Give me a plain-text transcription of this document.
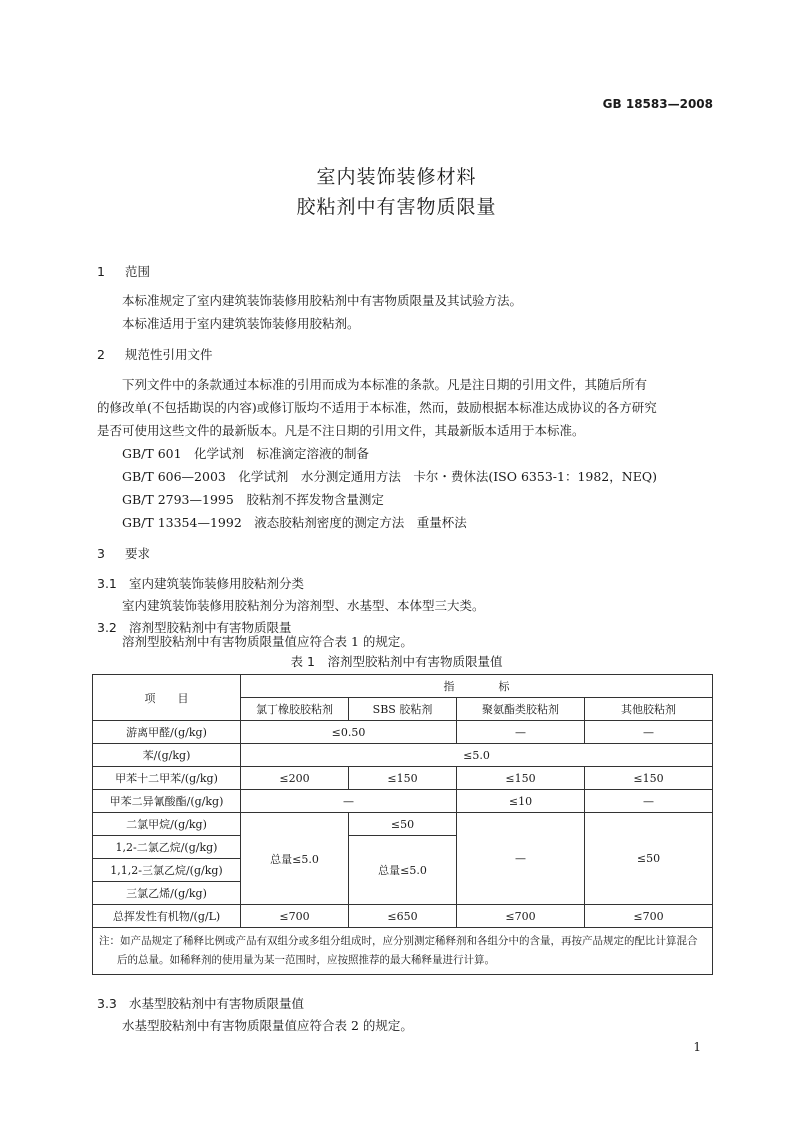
GB 18583—2008
室内装饰装修材料
胶粘剂中有害物质限量
1 范围
本标准规定了室内建筑装饰装修用胶粘剂中有害物质限量及其试验方法。
本标准适用于室内建筑装饰装修用胶粘剂。
2 规范性引用文件
下列文件中的条款通过本标准的引用而成为本标准的条款。凡是注日期的引用文件，其随后所有
的修改单(不包括勘误的内容)或修订版均不适用于本标准，然而，鼓励根据本标准达成协议的各方研究
是否可使用这些文件的最新版本。凡是不注日期的引用文件，其最新版本适用于本标准。
GB/T 601　化学试剂　标准滴定溶液的制备
GB/T 606—2003　化学试剂　水分测定通用方法　卡尔・费休法(ISO 6353-1：1982，NEQ)
GB/T 2793—1995　胶粘剂不挥发物含量测定
GB/T 13354—1992　液态胶粘剂密度的测定方法　重量杯法
3 要求
3.1 室内建筑装饰装修用胶粘剂分类
室内建筑装饰装修用胶粘剂分为溶剂型、水基型、本体型三大类。
3.2 溶剂型胶粘剂中有害物质限量
溶剂型胶粘剂中有害物质限量值应符合表 1 的规定。
表 1　溶剂型胶粘剂中有害物质限量值
项　　目	指　　　　标			
	氯丁橡胶胶粘剂	SBS 胶粘剂	聚氨酯类胶粘剂	其他胶粘剂
游离甲醛/(g/kg)	≤0.50		—	—
苯/(g/kg)	≤5.0			
甲苯十二甲苯/(g/kg)	≤200	≤150	≤150	≤150
甲苯二异氰酸酯/(g/kg)	—		≤10	—
二氯甲烷/(g/kg)	总量≤5.0	≤50	—	≤50
1,2-二氯乙烷/(g/kg)		总量≤5.0		
1,1,2-三氯乙烷/(g/kg)				
三氯乙烯/(g/kg)				
总挥发性有机物/(g/L)	≤700	≤650	≤700	≤700
注：如产品规定了稀释比例或产品有双组分或多组分组成时，应分别测定稀释剂和各组分中的含量，再按产品规定的配比计算混合后的总量。如稀释剂的使用量为某一范围时，应按照推荐的最大稀释量进行计算。				
3.3 水基型胶粘剂中有害物质限量值
水基型胶粘剂中有害物质限量值应符合表 2 的规定。
1
